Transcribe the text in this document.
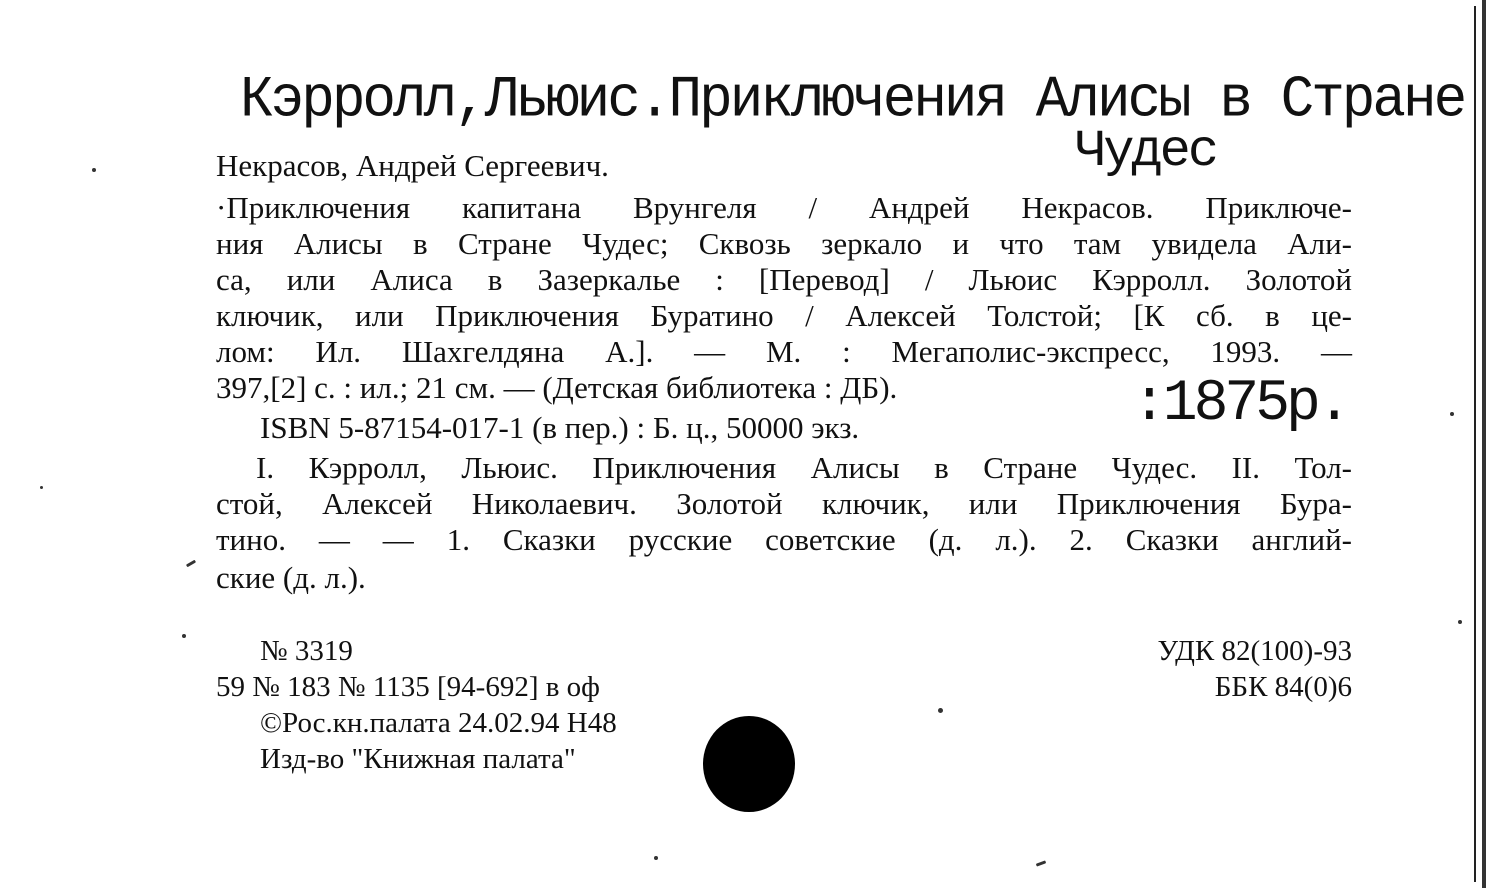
Кэрролл,Льюис.Приключения Алисы в Стране
Чудес
Некрасов, Андрей Сергеевич.
·Приключения капитана Врунгеля / Андрей Некрасов. Приключе-
ния Алисы в Стране Чудес; Сквозь зеркало и что там увидела Али-
са, или Алиса в Зазеркалье : [Перевод] / Льюис Кэрролл. Золотой
ключик, или Приключения Буратино / Алексей Толстой; [К сб. в це-
лом: Ил. Шахгелдяна А.]. — М. : Мегаполис-экспресс, 1993. —
397,[2] с. : ил.; 21 см. — (Детская библиотека : ДБ).	:1875р.
ISBN 5-87154-017-1 (в пер.) : Б. ц., 50000 экз.
I. Кэрролл, Льюис. Приключения Алисы в Стране Чудес. II. Тол-
стой, Алексей Николаевич. Золотой ключик, или Приключения Бура-
тино. — — 1. Сказки русские советские (д. л.). 2. Сказки англий-
ские (д. л.).
№ 3319
59 № 183 № 1135 [94-692] в оф
©Рос.кн.палата 24.02.94 Н48
Изд-во "Книжная палата"
УДК 82(100)-93
ББК 84(0)6
